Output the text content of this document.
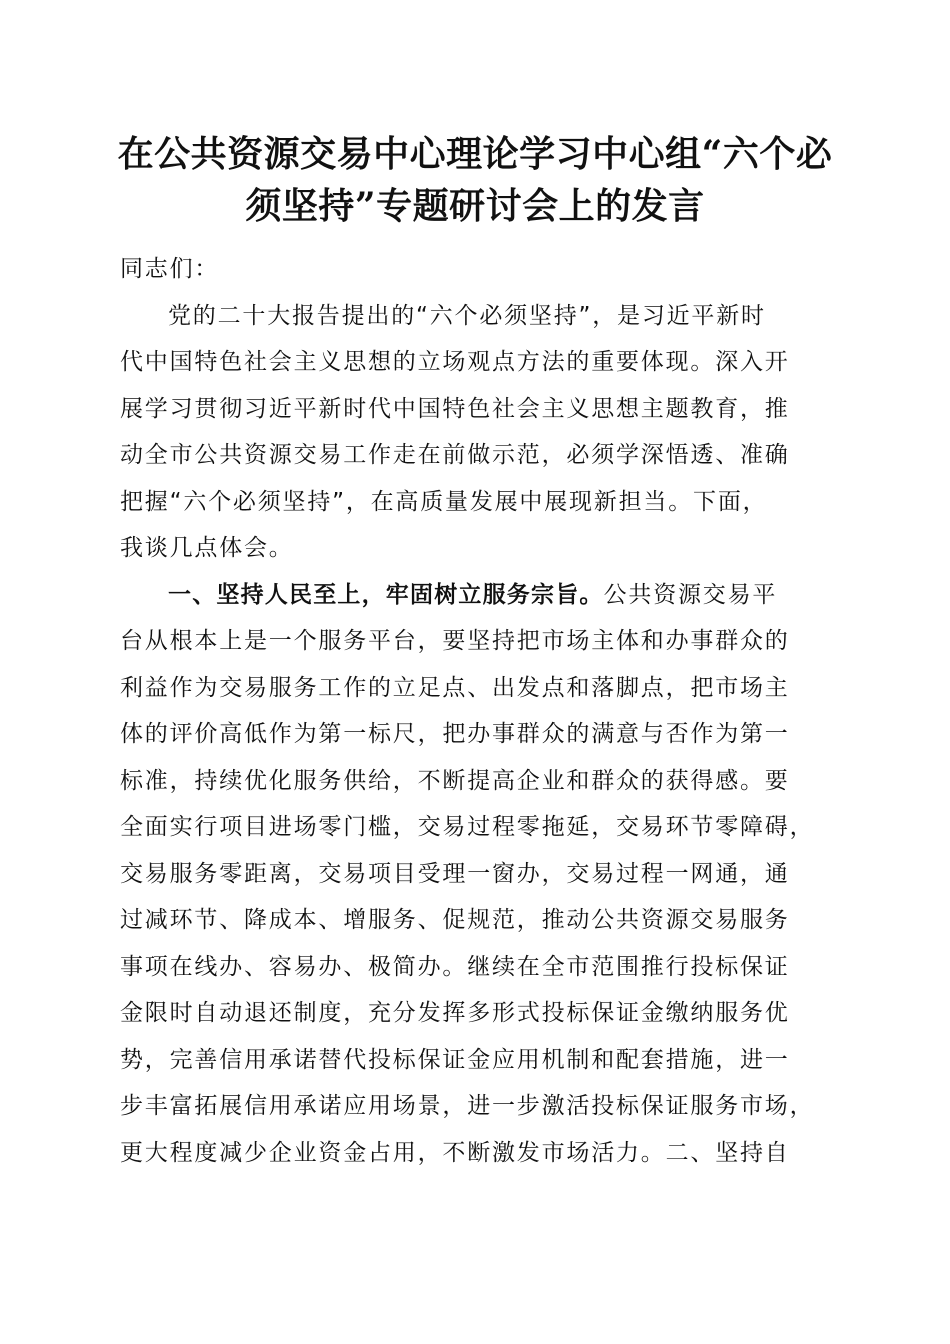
在公共资源交易中心理论学习中心组“六个必
须坚持”专题研讨会上的发言
同志们：
党的二十大报告提出的“六个必须坚持”，是习近平新时
代中国特色社会主义思想的立场观点方法的重要体现。深入开
展学习贯彻习近平新时代中国特色社会主义思想主题教育，推
动全市公共资源交易工作走在前做示范，必须学深悟透、准确
把握“六个必须坚持”，在高质量发展中展现新担当。下面，
我谈几点体会。
一、坚持人民至上，牢固树立服务宗旨。公共资源交易平
台从根本上是一个服务平台，要坚持把市场主体和办事群众的
利益作为交易服务工作的立足点、出发点和落脚点，把市场主
体的评价高低作为第一标尺，把办事群众的满意与否作为第一
标准，持续优化服务供给，不断提高企业和群众的获得感。要
全面实行项目进场零门槛，交易过程零拖延，交易环节零障碍，
交易服务零距离，交易项目受理一窗办，交易过程一网通，通
过减环节、降成本、增服务、促规范，推动公共资源交易服务
事项在线办、容易办、极简办。继续在全市范围推行投标保证
金限时自动退还制度，充分发挥多形式投标保证金缴纳服务优
势，完善信用承诺替代投标保证金应用机制和配套措施，进一
步丰富拓展信用承诺应用场景，进一步激活投标保证服务市场，
更大程度减少企业资金占用，不断激发市场活力。二、坚持自
